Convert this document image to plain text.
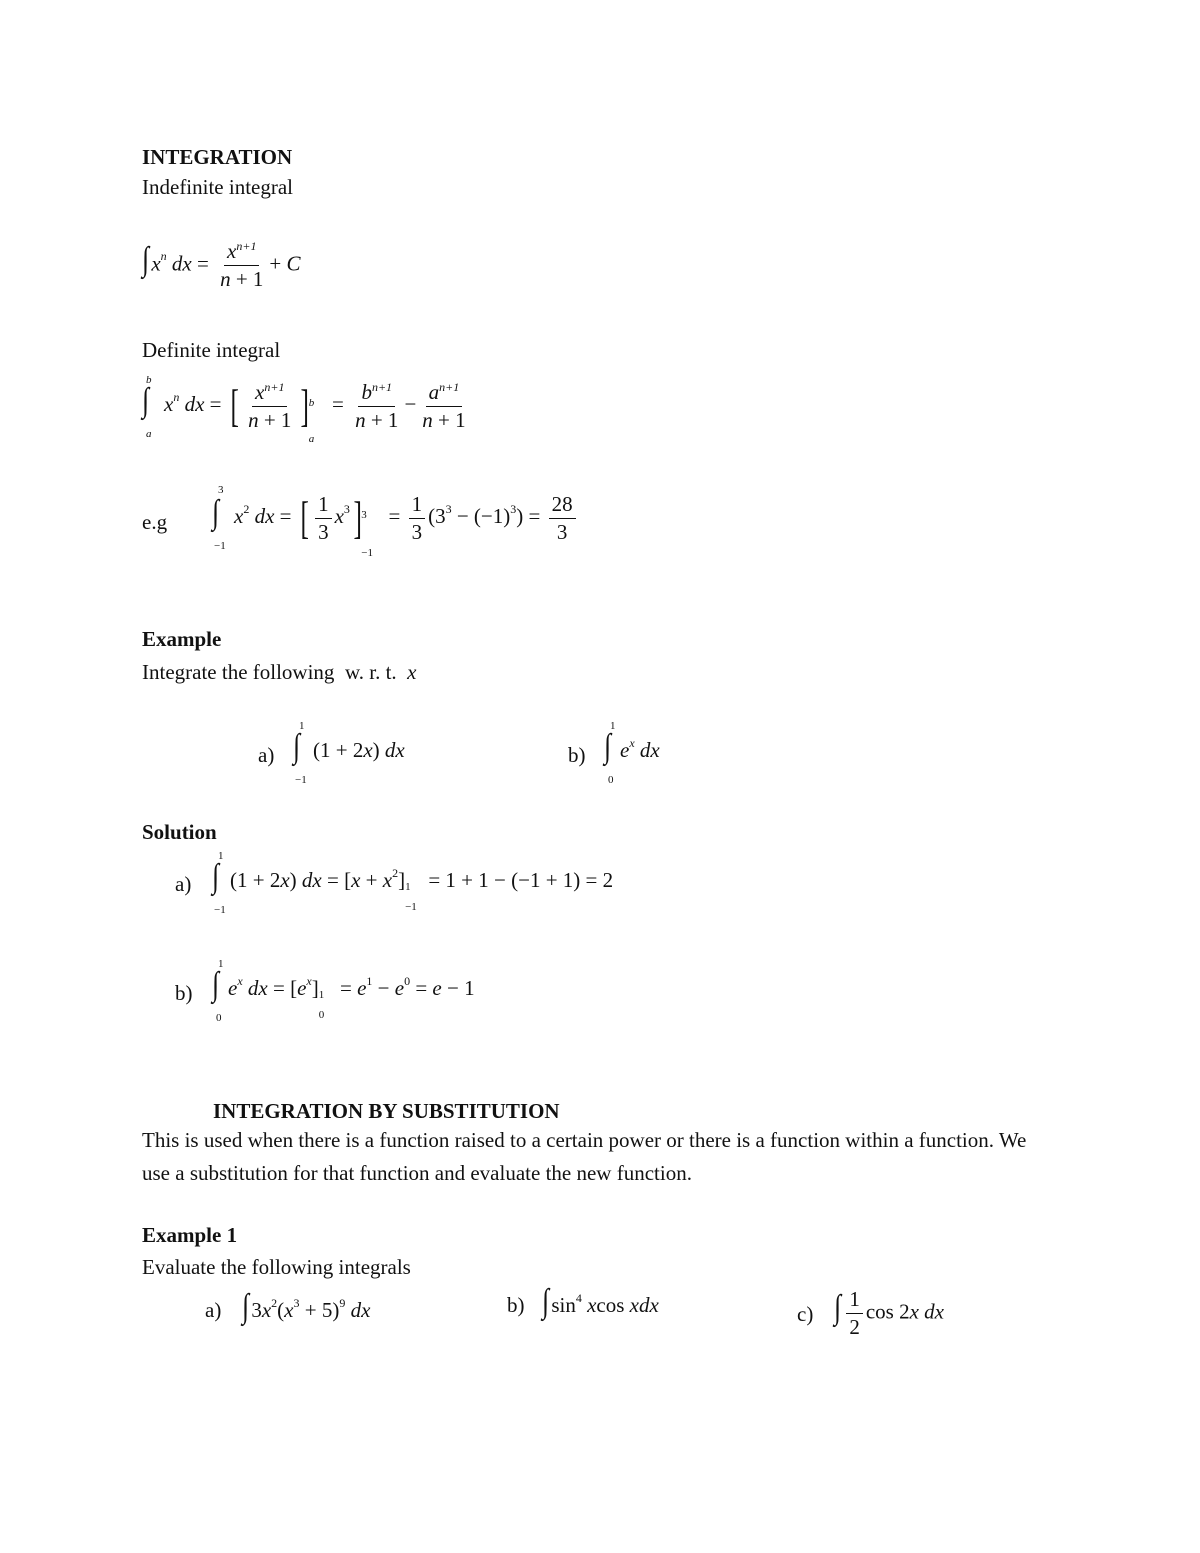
INTEGRATION
Indefinite integral
∫ $x^n$ dx = $\frac{x^{n+1}}{n + 1} + C$
Definite integral
b
∫
a
$x^n$ dx = [ $\frac{x^{n+1}}{n + 1}$ ] b
a
= $\frac{b^{n+1}}{n + 1} - \frac{a^{n+1}}{n + 1}$
e.g
3
∫
−1
$x^2$ dx = [ $\frac{1}{3} x^3$] 3
−1
= $\frac{1}{3} (3^3 - (-1)^3) = \frac{28}{3}$
Example
Integrate the following w. r. t. x
a)
1
∫
−1
(1 + 2x) dx	b)
1
∫
0
$e^x$ dx
Solution
a)
1
∫
−1
(1 + 2x) dx = $[x + x^2]$ 1
−1
= 1 + 1 − (−1 + 1) = 2
b)
1
∫
0
$e^x$ dx = $[e^x]$ 1
0
= $e^1 - e^0 = e - 1$
INTEGRATION BY SUBSTITUTION
This is used when there is a function raised to a certain power or there is a function within a function. We use a substitution for that function and evaluate the new function.
Example 1
Evaluate the following integrals
a) ∫ $3x^2(x^3 + 5)^9$ dx	b) ∫ $\sin^4 xcos$ xdx	c) ∫ $\frac{1}{2}$ cos 2x dx
